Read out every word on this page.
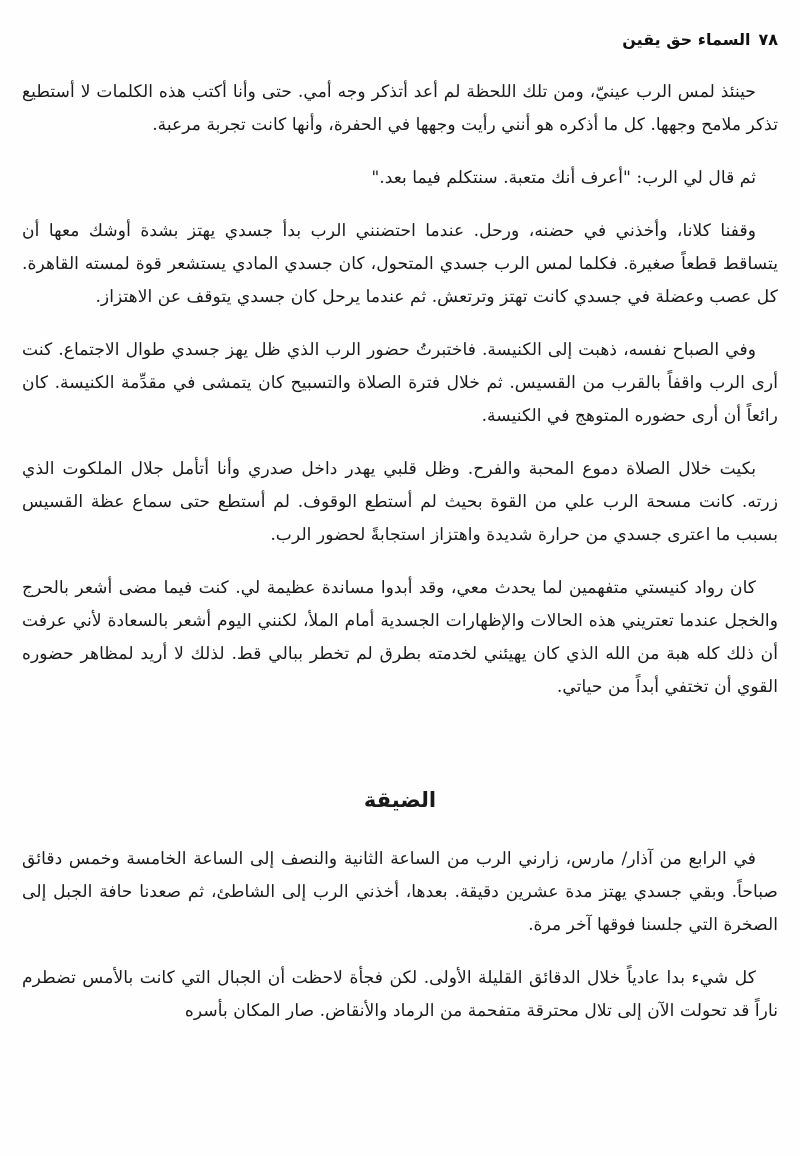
٧٨
السماء حق يقين

حينئذ لمس الرب عينيّ، ومن تلك اللحظة لم أعد أتذكر وجه أمي. حتى وأنا أكتب هذه الكلمات لا أستطيع تذكر ملامح وجهها. كل ما أذكره هو أنني رأيت وجهها في الحفرة، وأنها كانت تجربة مرعبة.

ثم قال لي الرب: "أعرف أنك متعبة. سنتكلم فيما بعد."

وقفنا كلانا، وأخذني في حضنه، ورحل. عندما احتضنني الرب بدأ جسدي يهتز بشدة أوشك معها أن يتساقط قطعاً صغيرة. فكلما لمس الرب جسدي المتحول، كان جسدي المادي يستشعر قوة لمسته القاهرة. كل عصب وعضلة في جسدي كانت تهتز وترتعش. ثم عندما يرحل كان جسدي يتوقف عن الاهتزاز.

وفي الصباح نفسه، ذهبت إلى الكنيسة. فاختبرتُ حضور الرب الذي ظل يهز جسدي طوال الاجتماع. كنت أرى الرب واقفاً بالقرب من القسيس. ثم خلال فترة الصلاة والتسبيح كان يتمشى في مقدِّمة الكنيسة. كان رائعاً أن أرى حضوره المتوهج في الكنيسة.

بكيت خلال الصلاة دموع المحبة والفرح. وظل قلبي يهدر داخل صدري وأنا أتأمل جلال الملكوت الذي زرته. كانت مسحة الرب علي من القوة بحيث لم أستطع الوقوف. لم أستطع حتى سماع عظة القسيس بسبب ما اعترى جسدي من حرارة شديدة واهتزاز استجابةً لحضور الرب.

كان رواد كنيستي متفهمين لما يحدث معي، وقد أبدوا مساندة عظيمة لي. كنت فيما مضى أشعر بالحرج والخجل عندما تعتريني هذه الحالات والإظهارات الجسدية أمام الملأ، لكنني اليوم أشعر بالسعادة لأني عرفت أن ذلك كله هبة من الله الذي كان يهيئني لخدمته بطرق لم تخطر ببالي قط. لذلك لا أريد لمظاهر حضوره القوي أن تختفي أبداً من حياتي.

الضيقة

في الرابع من آذار/ مارس، زارني الرب من الساعة الثانية والنصف إلى الساعة الخامسة وخمس دقائق صباحاً. وبقي جسدي يهتز مدة عشرين دقيقة. بعدها، أخذني الرب إلى الشاطئ، ثم صعدنا حافة الجبل إلى الصخرة التي جلسنا فوقها آخر مرة.

كل شيء بدا عادياً خلال الدقائق القليلة الأولى. لكن فجأة لاحظت أن الجبال التي كانت بالأمس تضطرم ناراً قد تحولت الآن إلى تلال محترقة متفحمة من الرماد والأنقاض. صار المكان بأسره
